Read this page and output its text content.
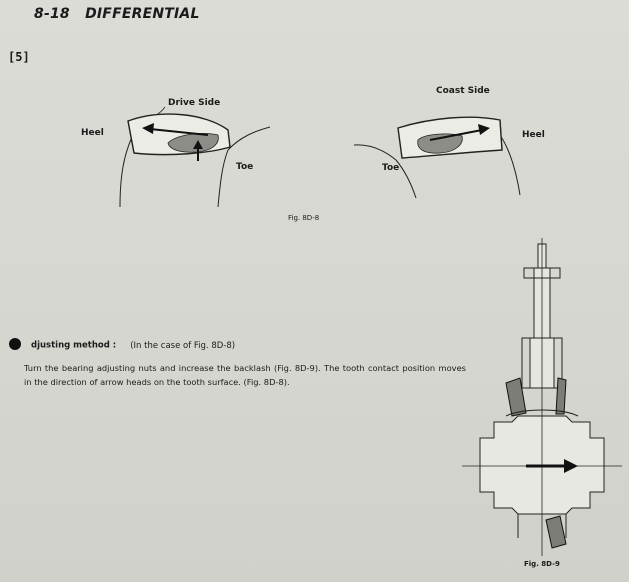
8-18 DIFFERENTIAL
[5]
Drive Side
Heel
Toe
Coast Side
Heel
Toe
Fig. 8D-8
djusting method : (In the case of Fig. 8D-8)
Turn the bearing adjusting nuts and increase the backlash (Fig. 8D-9). The tooth contact position moves in the direction of arrow heads on the tooth surface. (Fig. 8D-8).
Fig. 8D-9
